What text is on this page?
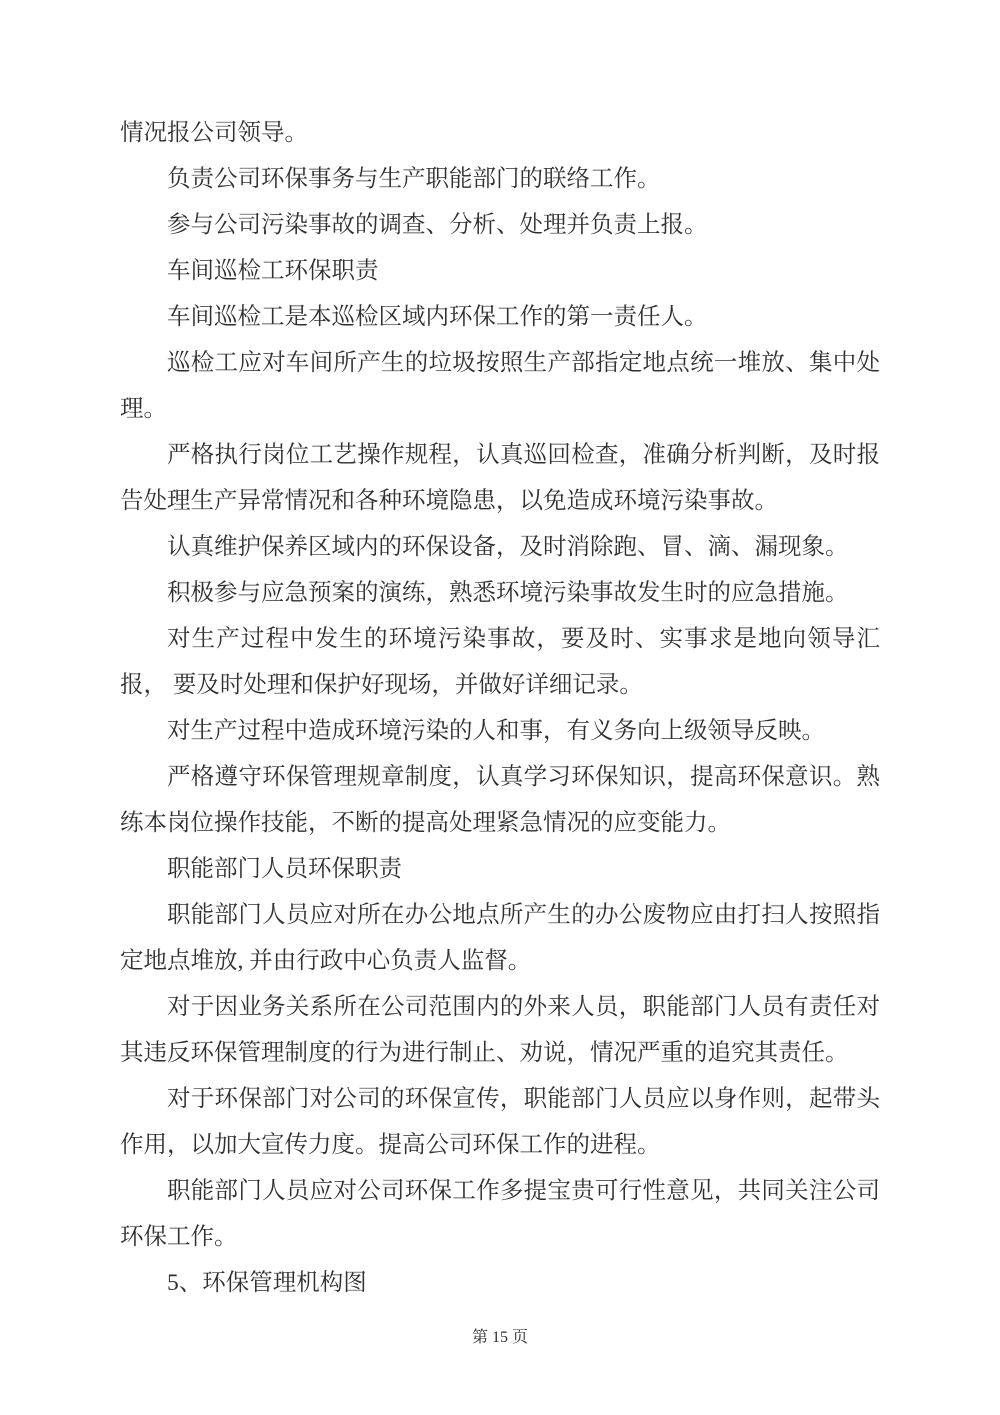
情况报公司领导。

负责公司环保事务与生产职能部门的联络工作。

参与公司污染事故的调查、分析、处理并负责上报。

车间巡检工环保职责

车间巡检工是本巡检区域内环保工作的第一责任人。

巡检工应对车间所产生的垃圾按照生产部指定地点统一堆放、集中处理。

严格执行岗位工艺操作规程，认真巡回检查，准确分析判断，及时报告处理生产异常情况和各种环境隐患，以免造成环境污染事故。

认真维护保养区域内的环保设备，及时消除跑、冒、滴、漏现象。

积极参与应急预案的演练，熟悉环境污染事故发生时的应急措施。

对生产过程中发生的环境污染事故，要及时、实事求是地向领导汇报， 要及时处理和保护好现场，并做好详细记录。

对生产过程中造成环境污染的人和事，有义务向上级领导反映。

严格遵守环保管理规章制度，认真学习环保知识，提高环保意识。熟练本岗位操作技能，不断的提高处理紧急情况的应变能力。

职能部门人员环保职责

职能部门人员应对所在办公地点所产生的办公废物应由打扫人按照指定地点堆放, 并由行政中心负责人监督。

对于因业务关系所在公司范围内的外来人员，职能部门人员有责任对其违反环保管理制度的行为进行制止、劝说，情况严重的追究其责任。

对于环保部门对公司的环保宣传，职能部门人员应以身作则，起带头作用，以加大宣传力度。提高公司环保工作的进程。

职能部门人员应对公司环保工作多提宝贵可行性意见，共同关注公司环保工作。

5、环保管理机构图

第 15 页
